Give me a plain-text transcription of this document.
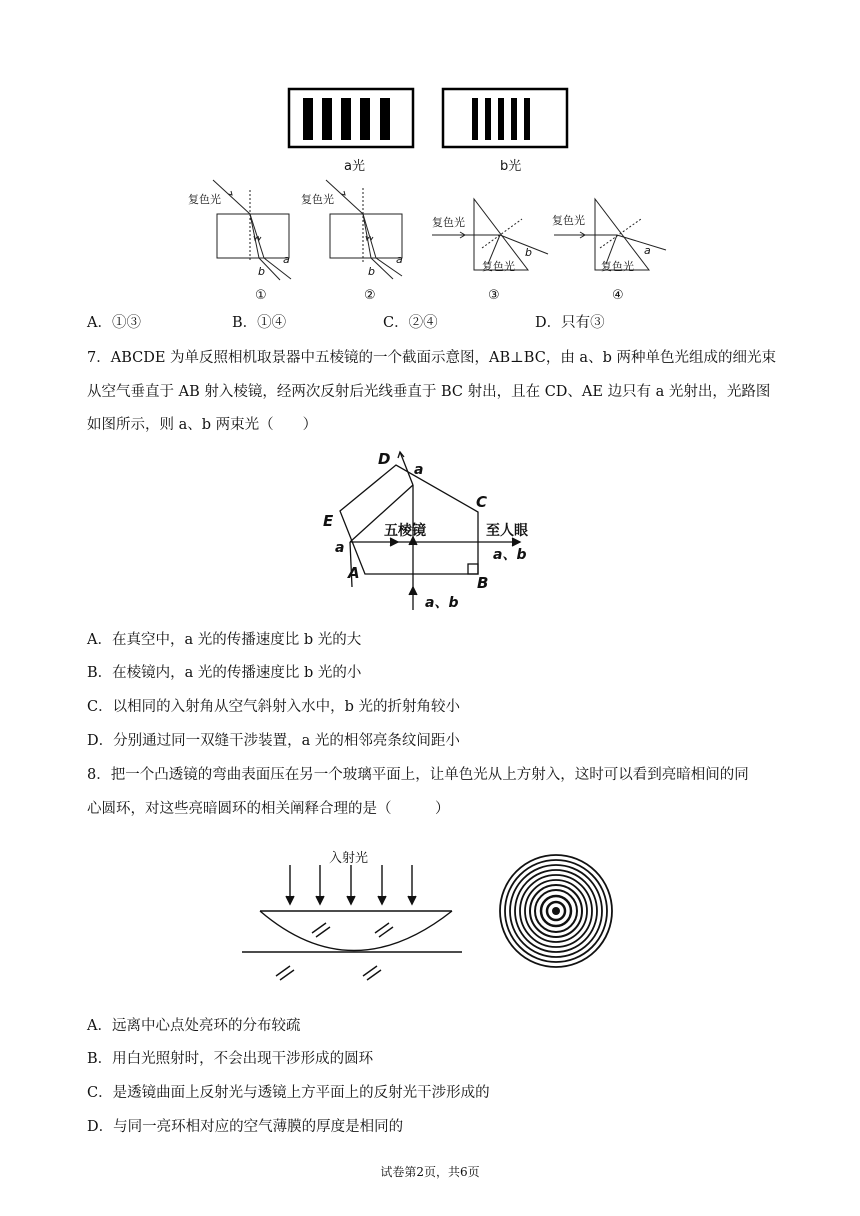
a光	b光
复色光
a
b
复色光
a
b
复色光
b
复色光
复色光
a
复色光
①	②	③	④
A．①③	B．①④	C．②④	D．只有③
7．ABCDE 为单反照相机取景器中五棱镜的一个截面示意图，AB⊥BC，由 a、b 两种单色光组成的细光束
从空气垂直于 AB 射入棱镜，经两次反射后光线垂直于 BC 射出，且在 CD、AE 边只有 a 光射出，光路图
如图所示，则 a、b 两束光（　　）
D
a
C
E
五棱镜	至人眼
a	a、b
A
B
a、b
A．在真空中，a 光的传播速度比 b 光的大
B．在棱镜内，a 光的传播速度比 b 光的小
C．以相同的入射角从空气斜射入水中，b 光的折射角较小
D．分别通过同一双缝干涉装置，a 光的相邻亮条纹间距小
8．把一个凸透镜的弯曲表面压在另一个玻璃平面上，让单色光从上方射入，这时可以看到亮暗相间的同
心圆环，对这些亮暗圆环的相关阐释合理的是（　　　）
入射光
A．远离中心点处亮环的分布较疏
B．用白光照射时，不会出现干涉形成的圆环
C．是透镜曲面上反射光与透镜上方平面上的反射光干涉形成的
D．与同一亮环相对应的空气薄膜的厚度是相同的
试卷第2页，共6页
